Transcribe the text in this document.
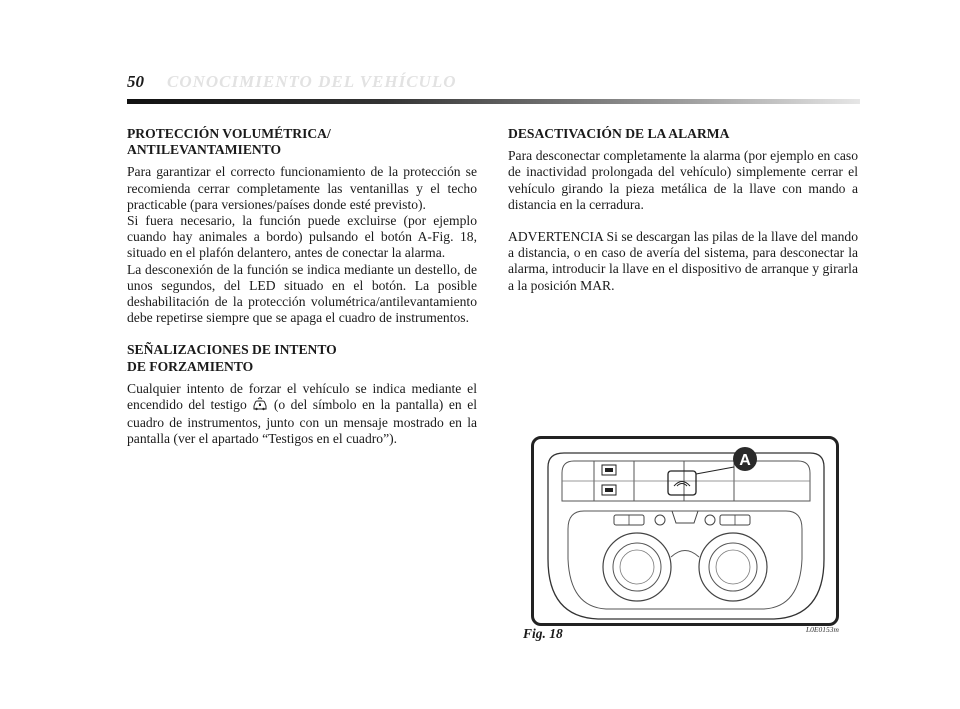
50 CONOCIMIENTO DEL VEHÍCULO
PROTECCIÓN VOLUMÉTRICA/
ANTILEVANTAMIENTO

Para garantizar el correcto funcionamiento de la protección se recomienda cerrar completamente las ventanillas y el techo practicable (para versiones/países donde esté previsto).

Si fuera necesario, la función puede excluirse (por ejemplo cuando hay animales a bordo) pulsando el botón A-Fig. 18, situado en el plafón delantero, antes de conectar la alarma.

La desconexión de la función se indica mediante un destello, de unos segundos, del LED situado en el botón. La posible deshabilitación de la protección volumétrica/antilevantamiento debe repetirse siempre que se apaga el cuadro de instrumentos.

SEÑALIZACIONES DE INTENTO
DE FORZAMIENTO

Cualquier intento de forzar el vehículo se indica mediante el encendido del testigo (o del símbolo en la pantalla) en el cuadro de instrumentos, junto con un mensaje mostrado en la pantalla (ver el apartado “Testigos en el cuadro”).

DESACTIVACIÓN DE LA ALARMA

Para desconectar completamente la alarma (por ejemplo en caso de inactividad prolongada del vehículo) simplemente cerrar el vehículo girando la pieza metálica de la llave con mando a distancia en la cerradura.

ADVERTENCIA Si se descargan las pilas de la llave del mando a distancia, o en caso de avería del sistema, para desconectar la alarma, introducir la llave en el dispositivo de arranque y girarla a la posición MAR.

A
Fig. 18	L0E0153m
